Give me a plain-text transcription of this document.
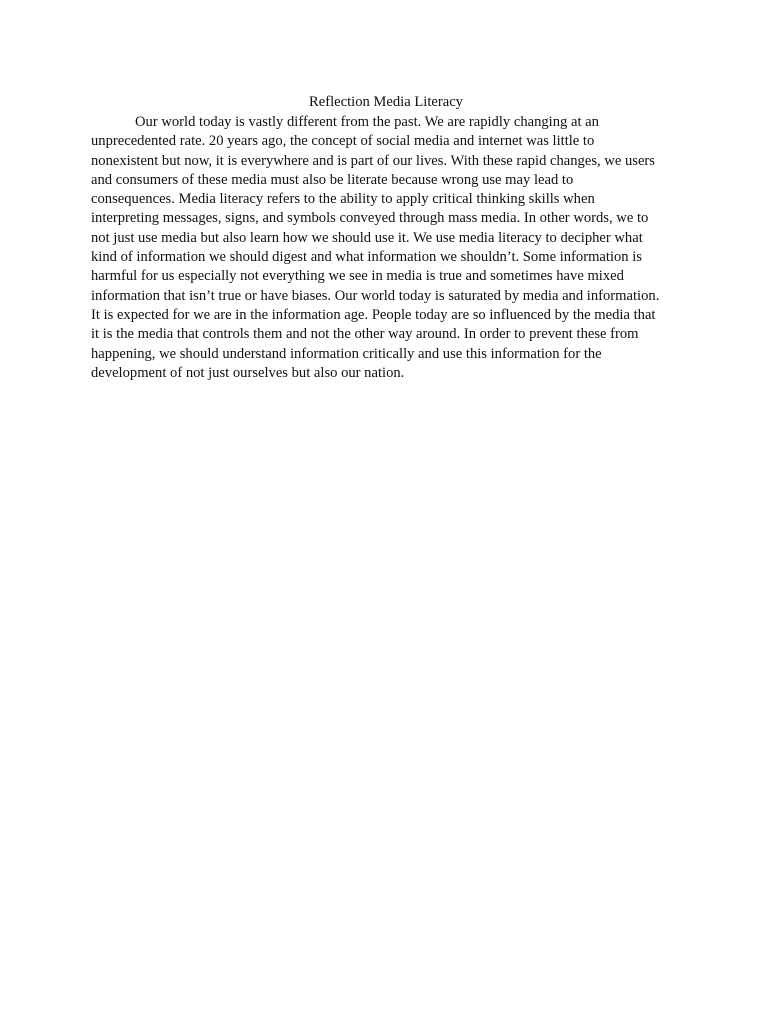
Reflection Media Literacy
Our world today is vastly different from the past. We are rapidly changing at an
unprecedented rate. 20 years ago, the concept of social media and internet was little to
nonexistent but now, it is everywhere and is part of our lives. With these rapid changes, we users
and consumers of these media must also be literate because wrong use may lead to
consequences. Media literacy refers to the ability to apply critical thinking skills when
interpreting messages, signs, and symbols conveyed through mass media. In other words, we to
not just use media but also learn how we should use it. We use media literacy to decipher what
kind of information we should digest and what information we shouldn’t. Some information is
harmful for us especially not everything we see in media is true and sometimes have mixed
information that isn’t true or have biases. Our world today is saturated by media and information.
It is expected for we are in the information age. People today are so influenced by the media that
it is the media that controls them and not the other way around. In order to prevent these from
happening, we should understand information critically and use this information for the
development of not just ourselves but also our nation.
